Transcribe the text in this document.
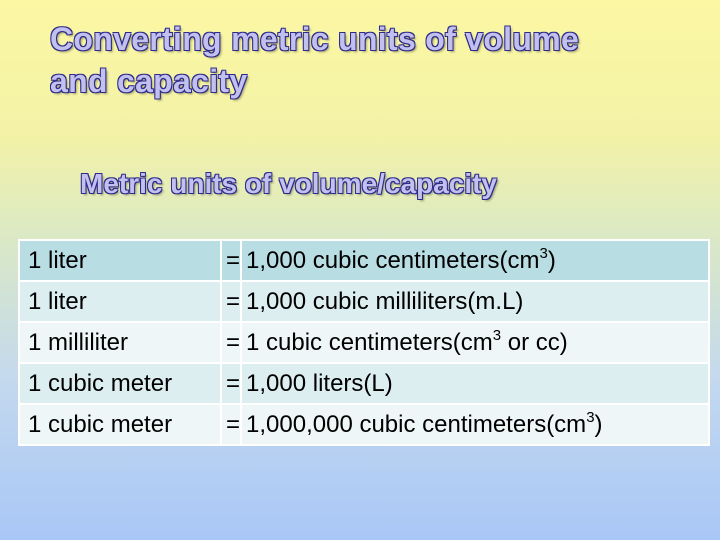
Converting metric units of volume
and capacity
Metric units of volume/capacity
1 liter	=	1,000 cubic $centimeters(cm^3)$
1 liter	=	1,000 cubic milliliters(m.L)
1 milliliter	=	1 cubic $centimeters(cm^3$ or cc)
1 cubic meter	=	1,000 liters(L)
1 cubic meter	=	1,000,000 cubic $centimeters(cm^3)$
